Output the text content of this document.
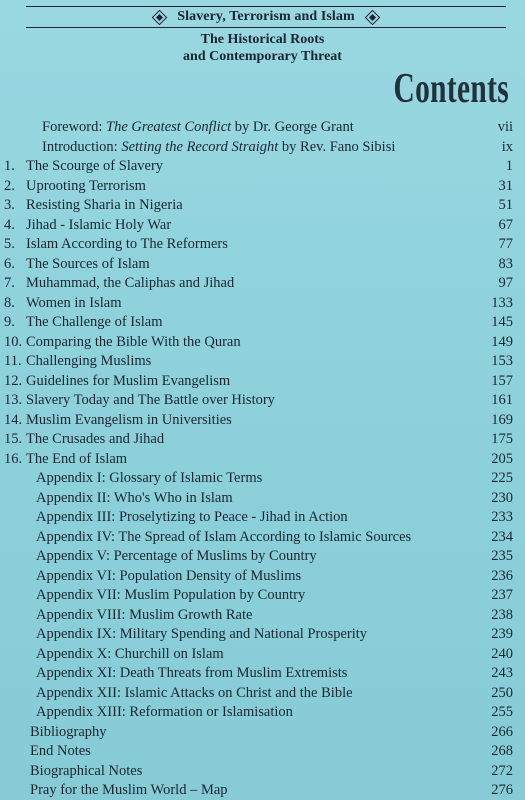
Slavery, Terrorism and Islam
The Historical Roots
and Contemporary Threat
Contents
Foreword: The Greatest Conflict by Dr. George Grant	vii
Introduction: Setting the Record Straight by Rev. Fano Sibisi	ix
1. The Scourge of Slavery	1
2. Uprooting Terrorism	31
3. Resisting Sharia in Nigeria	51
4. Jihad - Islamic Holy War	67
5. Islam According to The Reformers	77
6. The Sources of Islam	83
7. Muhammad, the Caliphas and Jihad	97
8. Women in Islam	133
9. The Challenge of Islam	145
10. Comparing the Bible With the Quran	149
11. Challenging Muslims	153
12. Guidelines for Muslim Evangelism	157
13. Slavery Today and The Battle over History	161
14. Muslim Evangelism in Universities	169
15. The Crusades and Jihad	175
16. The End of Islam	205
Appendix I: Glossary of Islamic Terms	225
Appendix II: Who's Who in Islam	230
Appendix III: Proselytizing to Peace - Jihad in Action	233
Appendix IV: The Spread of Islam According to Islamic Sources	234
Appendix V: Percentage of Muslims by Country	235
Appendix VI: Population Density of Muslims	236
Appendix VII: Muslim Population by Country	237
Appendix VIII: Muslim Growth Rate	238
Appendix IX: Military Spending and National Prosperity	239
Appendix X: Churchill on Islam	240
Appendix XI: Death Threats from Muslim Extremists	243
Appendix XII: Islamic Attacks on Christ and the Bible	250
Appendix XIII: Reformation or Islamisation	255
Bibliography	266
End Notes	268
Biographical Notes	272
Pray for the Muslim World – Map	276
